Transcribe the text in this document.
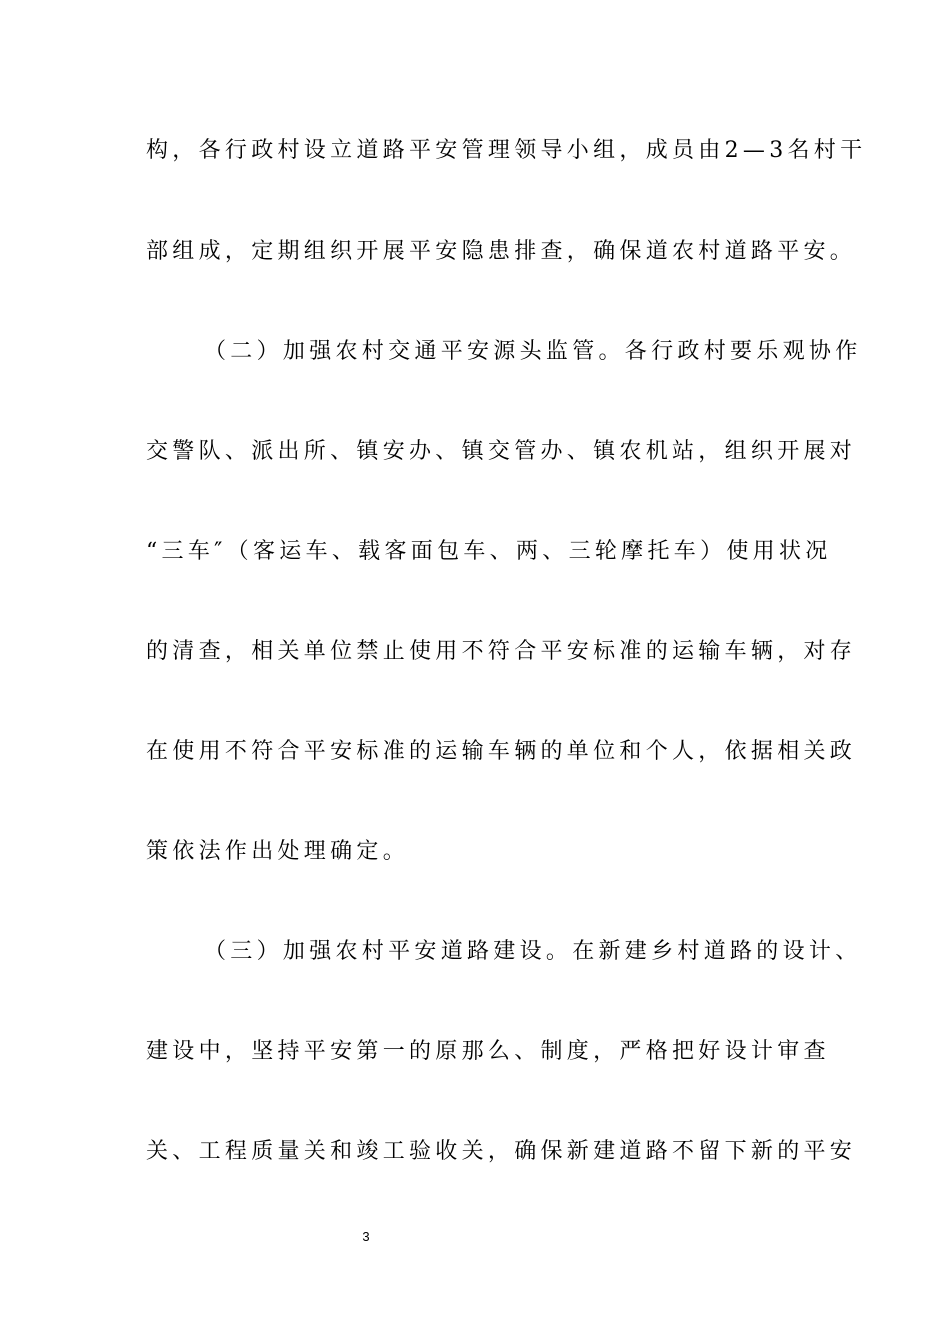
构，各行政村设立道路平安管理领导小组，成员由2—3名村干
部组成，定期组织开展平安隐患排查，确保道农村道路平安。
（二）加强农村交通平安源头监管。各行政村要乐观协作
交警队、派出所、镇安办、镇交管办、镇农机站，组织开展对
“三车″（客运车、载客面包车、两、三轮摩托车）使用状况
的清查，相关单位禁止使用不符合平安标准的运输车辆，对存
在使用不符合平安标准的运输车辆的单位和个人，依据相关政
策依法作出处理确定。
（三）加强农村平安道路建设。在新建乡村道路的设计、
建设中，坚持平安第一的原那么、制度，严格把好设计审查
关、工程质量关和竣工验收关，确保新建道路不留下新的平安
3
